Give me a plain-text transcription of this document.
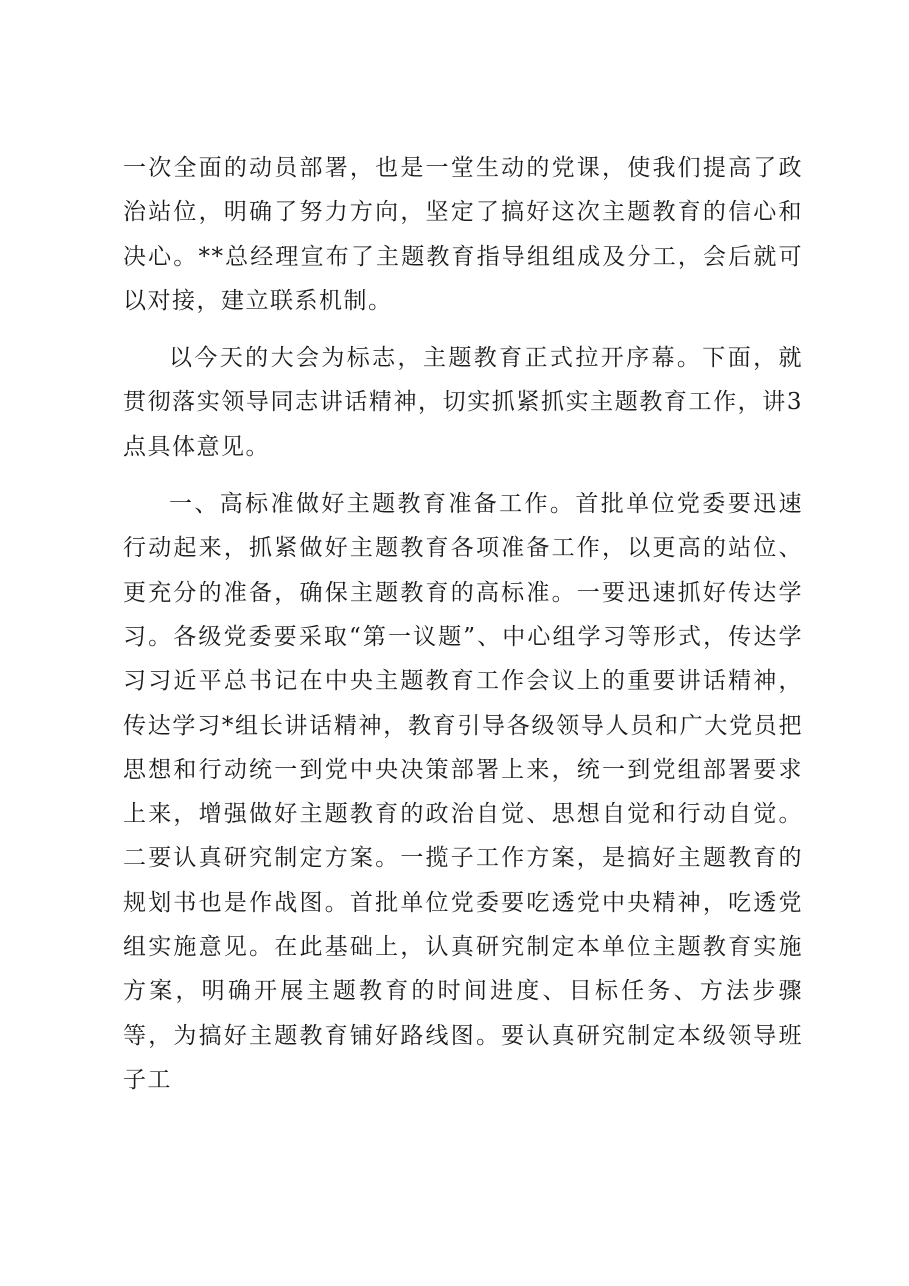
一次全面的动员部署，也是一堂生动的党课，使我们提高了政治站位，明确了努力方向，坚定了搞好这次主题教育的信心和决心。**总经理宣布了主题教育指导组组成及分工，会后就可以对接，建立联系机制。

以今天的大会为标志，主题教育正式拉开序幕。下面，就贯彻落实领导同志讲话精神，切实抓紧抓实主题教育工作，讲3点具体意见。

一、高标准做好主题教育准备工作。首批单位党委要迅速行动起来，抓紧做好主题教育各项准备工作，以更高的站位、更充分的准备，确保主题教育的高标准。一要迅速抓好传达学习。各级党委要采取“第一议题”、中心组学习等形式，传达学习习近平总书记在中央主题教育工作会议上的重要讲话精神，传达学习*组长讲话精神，教育引导各级领导人员和广大党员把思想和行动统一到党中央决策部署上来，统一到党组部署要求上来，增强做好主题教育的政治自觉、思想自觉和行动自觉。二要认真研究制定方案。一揽子工作方案，是搞好主题教育的规划书也是作战图。首批单位党委要吃透党中央精神，吃透党组实施意见。在此基础上，认真研究制定本单位主题教育实施方案，明确开展主题教育的时间进度、目标任务、方法步骤等，为搞好主题教育铺好路线图。要认真研究制定本级领导班子工
